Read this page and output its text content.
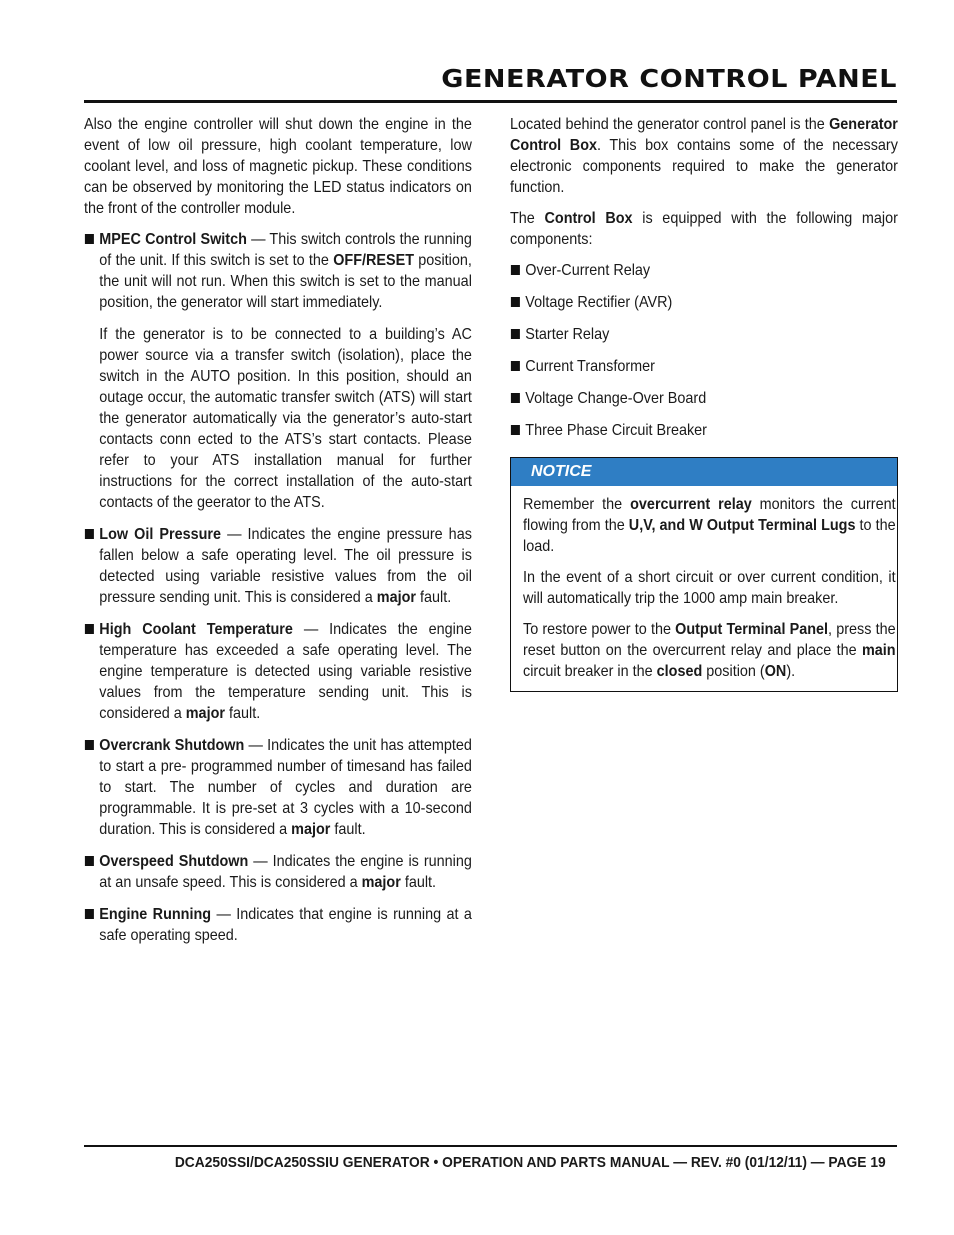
GENERATOR CONTROL PANEL

Also the engine controller will shut down the engine in the event of low oil pressure, high coolant temperature, low coolant level, and loss of magnetic pickup. These conditions can be observed by monitoring the LED status indicators on the front of the controller module.

MPEC Control Switch — This switch controls the running of the unit. If this switch is set to the OFF/RESET position, the unit will not run. When this switch is set to the manual position, the generator will start immediately.

If the generator is to be connected to a building’s AC power source via a transfer switch (isolation), place the switch in the AUTO position. In this position, should an outage occur, the automatic transfer switch (ATS) will start the generator automatically via the generator’s auto-start contacts conn ected to the ATS’s start contacts. Please refer to your ATS installation manual for further instructions for the correct installation of the auto-start contacts of the geerator to the ATS.

Low Oil Pressure — Indicates the engine pressure has fallen below a safe operating level. The oil pressure is detected using variable resistive values from the oil pressure sending unit. This is considered a major fault.

High Coolant Temperature — Indicates the engine temperature has exceeded a safe operating level. The engine temperature is detected using variable resistive values from the temperature sending unit. This is considered a major fault.

Overcrank Shutdown — Indicates the unit has attempted to start a pre- programmed number of timesand has failed to start. The number of cycles and duration are programmable. It is pre-set at 3 cycles with a 10-second duration. This is considered a major fault.

Overspeed Shutdown — Indicates the engine is running at an unsafe speed. This is considered a major fault.

Engine Running — Indicates that engine is running at a safe operating speed.

Located behind the generator control panel is the Generator Control Box. This box contains some of the necessary electronic components required to make the generator function.

The Control Box is equipped with the following major components:

Over-Current Relay
Voltage Rectifier (AVR)
Starter Relay
Current Transformer
Voltage Change-Over Board
Three Phase Circuit Breaker
NOTICE

Remember the overcurrent relay monitors the current flowing from the U,V, and W Output Terminal Lugs to the load.

In the event of a short circuit or over current condition, it will automatically trip the 1000 amp main breaker.

To restore power to the Output Terminal Panel, press the reset button on the overcurrent relay and place the main circuit breaker in the closed position (ON).

DCA250SSI/DCA250SSIU GENERATOR • OPERATION AND PARTS MANUAL — REV. #0 (01/12/11) — PAGE 19
